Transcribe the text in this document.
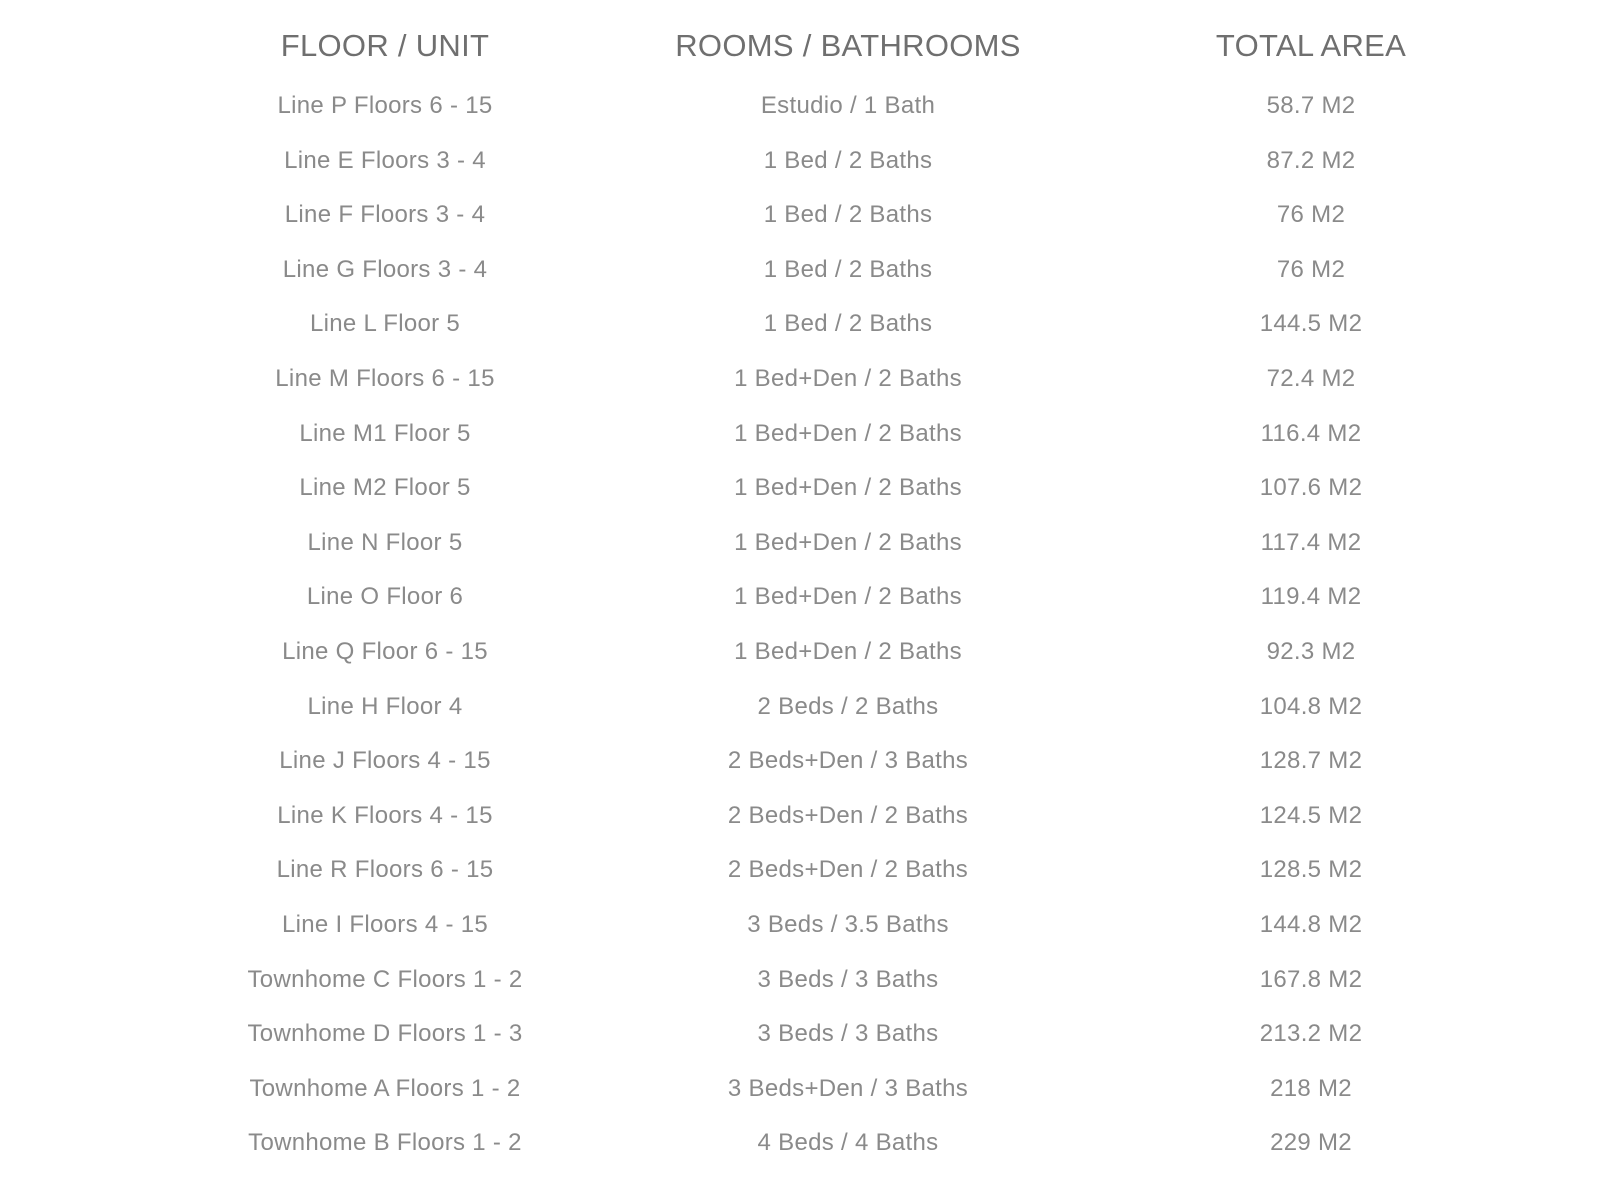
FLOOR / UNIT	ROOMS / BATHROOMS	TOTAL AREA
Line P Floors 6 - 15	Estudio / 1 Bath	58.7 M2
Line E Floors 3 - 4	1 Bed / 2 Baths	87.2 M2
Line F Floors 3 - 4	1 Bed / 2 Baths	76 M2
Line G Floors 3 - 4	1 Bed / 2 Baths	76 M2
Line L Floor 5	1 Bed / 2 Baths	144.5 M2
Line M Floors 6 - 15	1 Bed+Den / 2 Baths	72.4 M2
Line M1 Floor 5	1 Bed+Den / 2 Baths	116.4 M2
Line M2 Floor 5	1 Bed+Den / 2 Baths	107.6 M2
Line N Floor 5	1 Bed+Den / 2 Baths	117.4 M2
Line O Floor 6	1 Bed+Den / 2 Baths	119.4 M2
Line Q Floor 6 - 15	1 Bed+Den / 2 Baths	92.3 M2
Line H Floor 4	2 Beds / 2 Baths	104.8 M2
Line J Floors 4 - 15	2 Beds+Den / 3 Baths	128.7 M2
Line K Floors 4 - 15	2 Beds+Den / 2 Baths	124.5 M2
Line R Floors 6 - 15	2 Beds+Den / 2 Baths	128.5 M2
Line I Floors 4 - 15	3 Beds / 3.5 Baths	144.8 M2
Townhome C Floors 1 - 2	3 Beds / 3 Baths	167.8 M2
Townhome D Floors 1 - 3	3 Beds / 3 Baths	213.2 M2
Townhome A Floors 1 - 2	3 Beds+Den / 3 Baths	218 M2
Townhome B Floors 1 - 2	4 Beds / 4 Baths	229 M2
